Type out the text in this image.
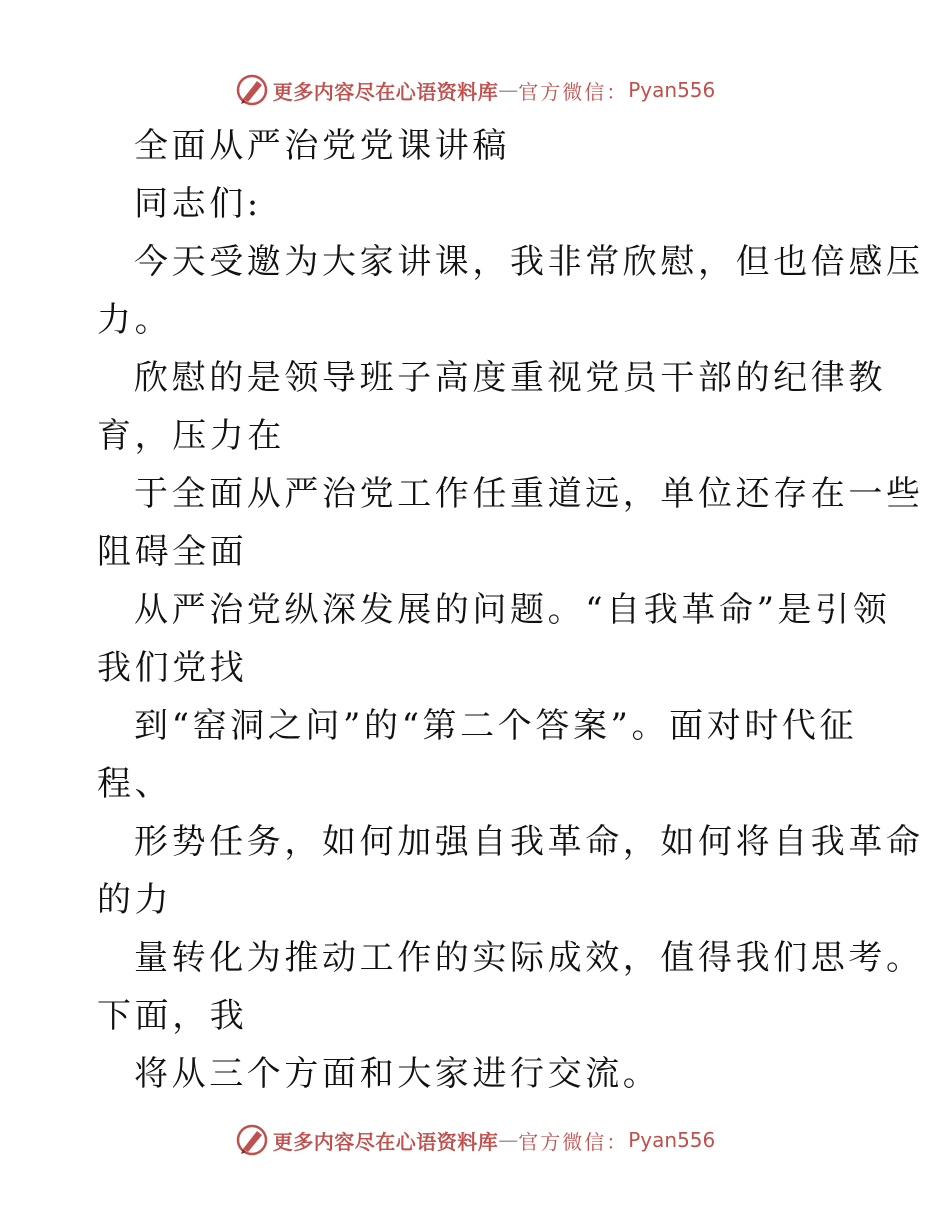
更多内容尽在心语资料库 — 官方微信： Pyan556

全面从严治党党课讲稿

同志们:

今天受邀为大家讲课，我非常欣慰，但也倍感压

力。

欣慰的是领导班子高度重视党员干部的纪律教

育，压力在

于全面从严治党工作任重道远，单位还存在一些

阻碍全面

从严治党纵深发展的问题。“自我革命”是引领

我们党找

到“窑洞之问”的“第二个答案”。面对时代征

程、

形势任务，如何加强自我革命，如何将自我革命

的力

量转化为推动工作的实际成效，值得我们思考。

下面，我

将从三个方面和大家进行交流。

更多内容尽在心语资料库 — 官方微信： Pyan556
